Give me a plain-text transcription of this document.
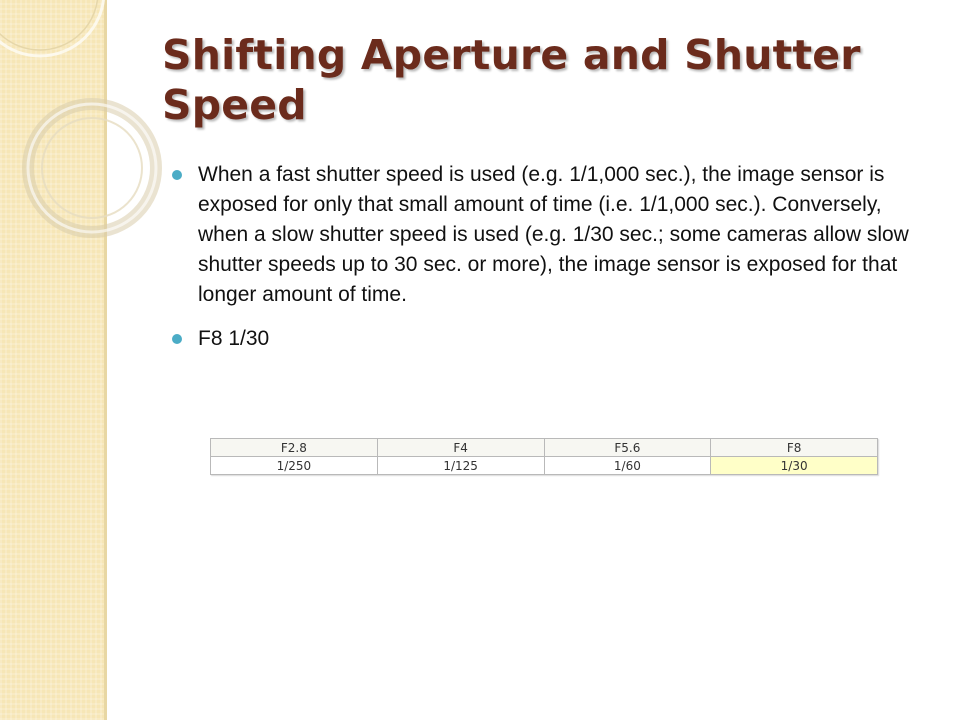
Shifting Aperture and Shutter Speed
When a fast shutter speed is used (e.g. 1/1,000 sec.), the image sensor is exposed for only that small amount of time (i.e. 1/1,000 sec.). Conversely, when a slow shutter speed is used (e.g. 1/30 sec.; some cameras allow slow shutter speeds up to 30 sec. or more), the image sensor is exposed for that longer amount of time.
F8 1/30
F2.8	F4	F5.6	F8
1/250	1/125	1/60	1/30
